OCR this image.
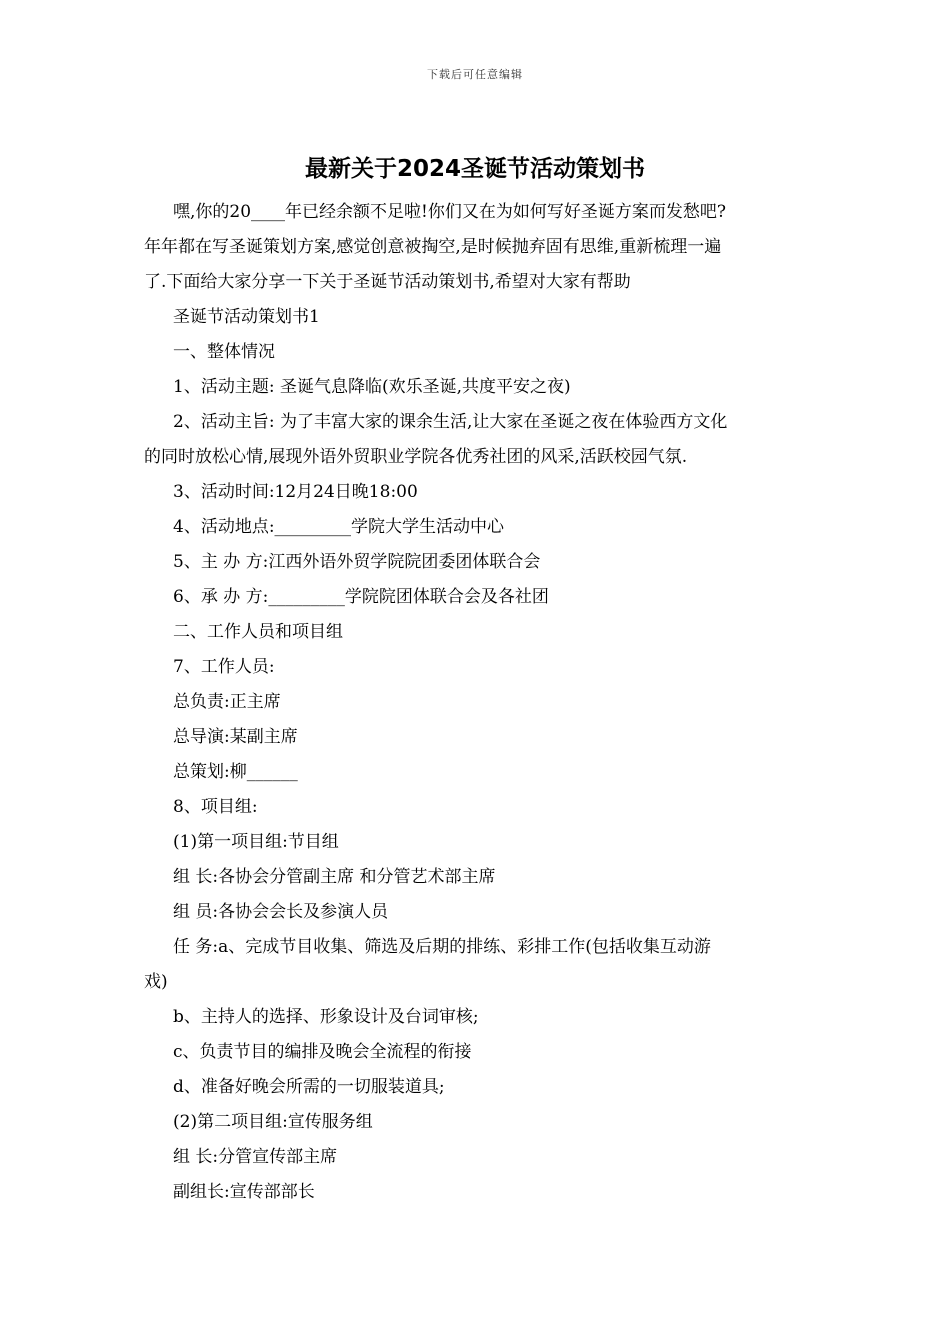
下载后可任意编辑
最新关于2024圣诞节活动策划书

嘿,你的20____年已经余额不足啦!你们又在为如何写好圣诞方案而发愁吧?
年年都在写圣诞策划方案,感觉创意被掏空,是时候抛弃固有思维,重新梳理一遍
了.下面给大家分享一下关于圣诞节活动策划书,希望对大家有帮助

圣诞节活动策划书1

一、整体情况

1、活动主题: 圣诞气息降临(欢乐圣诞,共度平安之夜)

2、活动主旨: 为了丰富大家的课余生活,让大家在圣诞之夜在体验西方文化
的同时放松心情,展现外语外贸职业学院各优秀社团的风采,活跃校园气氛.

3、活动时间:12月24日晚18:00

4、活动地点:_________学院大学生活动中心

5、主 办 方:江西外语外贸学院院团委团体联合会

6、承 办 方:_________学院院团体联合会及各社团

二、工作人员和项目组

7、工作人员:

总负责:正主席

总导演:某副主席

总策划:柳______

8、项目组:

(1)第一项目组:节目组

组 长:各协会分管副主席 和分管艺术部主席

组 员:各协会会长及参演人员

任 务:a、完成节目收集、筛选及后期的排练、彩排工作(包括收集互动游
戏)

b、主持人的选择、形象设计及台词审核;

c、负责节目的编排及晚会全流程的衔接

d、准备好晚会所需的一切服装道具;

(2)第二项目组:宣传服务组

组 长:分管宣传部主席

副组长:宣传部部长
